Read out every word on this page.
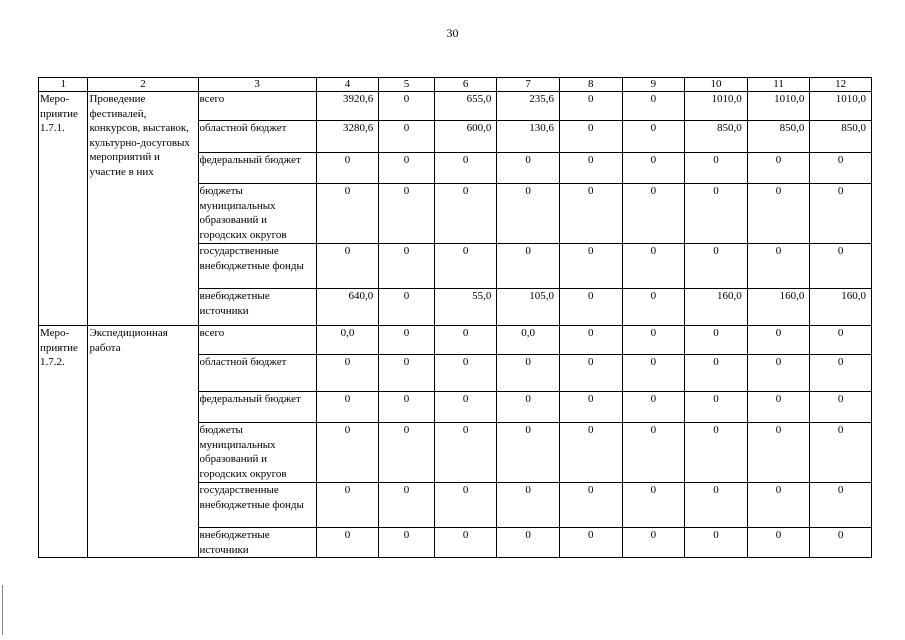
30
1	2	3	4	5	6	7	8	9	10	11	12
Меро-
приятие
1.7.1.	Проведение фестивалей, конкурсов, выставок, культурно-досуговых мероприятий и участие в них	всего	3920,6	0	655,0	235,6	0	0	1010,0	1010,0	1010,0
		областной бюджет	3280,6	0	600,0	130,6	0	0	850,0	850,0	850,0
		федеральный бюджет	0	0	0	0	0	0	0	0	0
		бюджеты муниципальных образований и городских округов	0	0	0	0	0	0	0	0	0
		государственные внебюджетные фонды	0	0	0	0	0	0	0	0	0
		внебюджетные источники	640,0	0	55,0	105,0	0	0	160,0	160,0	160,0
Меро-
приятие
1.7.2.	Экспедиционная работа	всего	0,0	0	0	0,0	0	0	0	0	0
		областной бюджет	0	0	0	0	0	0	0	0	0
		федеральный бюджет	0	0	0	0	0	0	0	0	0
		бюджеты муниципальных образований и городских округов	0	0	0	0	0	0	0	0	0
		государственные внебюджетные фонды	0	0	0	0	0	0	0	0	0
		внебюджетные источники	0	0	0	0	0	0	0	0	0
